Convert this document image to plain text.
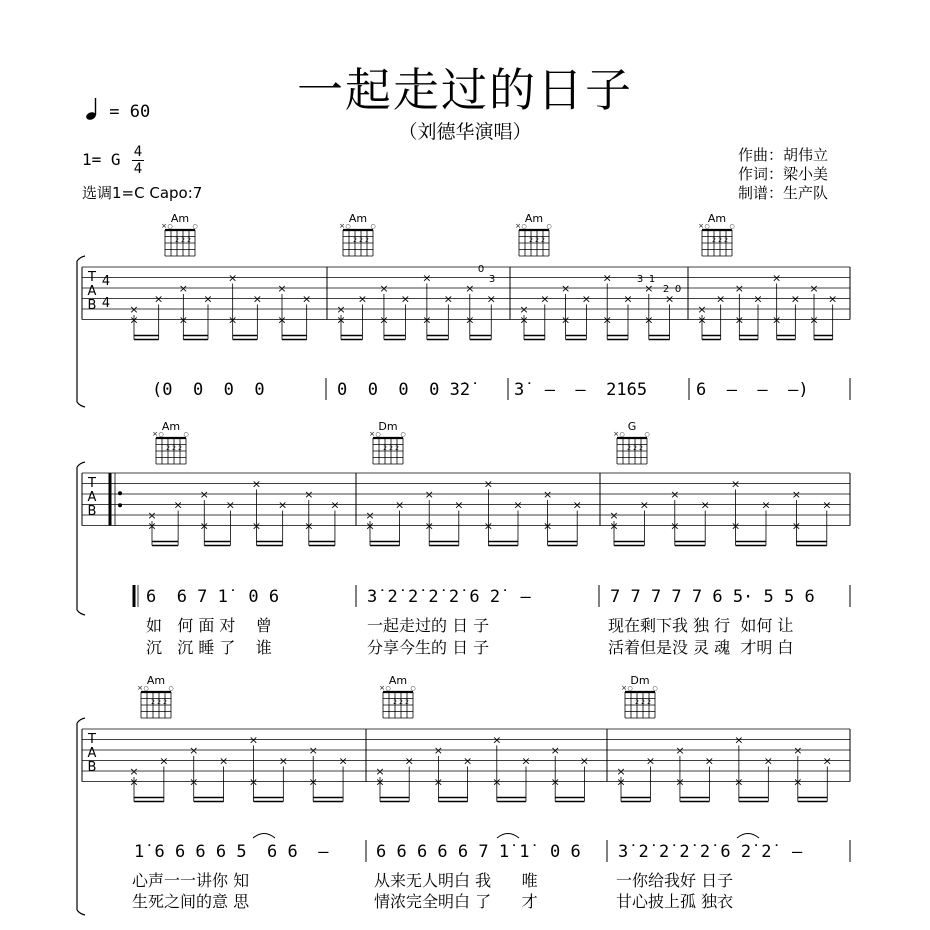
一起走过的日子
（刘德华演唱）
= 60
1= G 4
4
选调1=C Capo:7
作曲：胡伟立
作词：梁小美
制谱：生产队
Am
× ○	○
2 2 2
Am
× ○	○
2 2 2
Am
× ○	○
2 2 2
Am
× ○	○
2 2 2
T
A
B
4
4 ×
×
×
×
×
×
×
×
×
×
×
×
×
×
×
×
×
×
×
×
×
×
×
×
×
×
×
×
×
×
×
×
×
×
×
×
×
×
×
×
×
×
×
×
×
×
×
×
0
3	3 1
2 0
Am
× ○	○
2 2 2
Dm
× ○	○
2 2 2
G
× ○	○
2 2 2
T
A
B	×
×
×
×
×
×
×
×
×
×
×
×
×
×
×
×
×
×
×
×
×
×
×
×
×
×
×
×
×
×
×
×
×
×
×
×
Am
× ○	○
2 2 2
Am
× ○	○
2 2 2
Dm
× ○	○
2 2 2
T
A
B	×
×
×
×
×
×
×
×
×
×
×
×
×
×
×
×
×
×
×
×
×
×
×
×
×
×
×
×
×
×
×
×
×
×
×
×
(0  0  0  0	0  0  0  0 3̇2̇	3̇  —  —  2̇1̇65	6  —  —  —)
6  6 7 1̇  0 6	3̇ 2̇ 2̇ 2̇ 2̇ 6 2̇  —	7 7 7 7 7 6 5· 5 5 6
如   何 面 对    曾	一起走过的 日 子	现在剩下我 独 行  如何 让
沉   沉 睡 了    谁	分享今生的 日 子	活着但是没 灵 魂  才明 白
1̇ 6 6 6 6 5  6 6  —	6 6 6 6 6 7 1̇ 1̇  0 6 3̇ 2̇ 2̇ 2̇ 2̇ 6 2̇ 2̇  —
心声一一讲你 知	从来无人明白 我      唯	一你给我好 日子
生死之间的意 思	情浓完全明白 了      才	甘心披上孤 独衣
